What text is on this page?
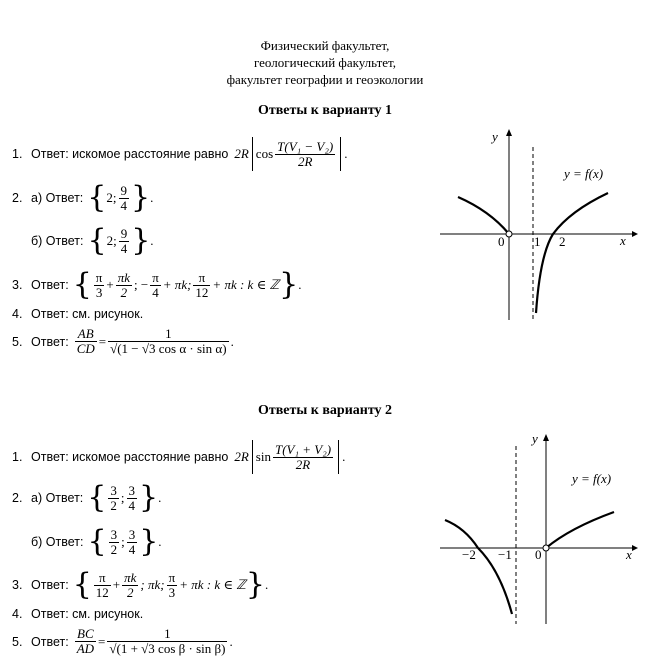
Физический факультет,
геологический факультет,
факультет географии и геоэкологии
Ответы к варианту 1
1. Ответ: искомое расстояние равно 2R $\cos \frac{\text{T(V₁ − V₂)}}{2R}$ .
2. а) Ответ: { 2; $\frac{9}{4}$ } .
б) Ответ: { 2; $\frac{9}{4}$ } .
3. Ответ: { $\frac{\pi}{3} + \frac{\pi k}{2}$ ; − $\frac{\pi}{4} + \pi k$; $\frac{\pi}{12} + \pi k$ : k ∈ ℤ } .
4. Ответ: см. рисунок.
5. Ответ: $\frac{AB}{CD} = \frac{1}{\text{√(1 − √3 cos α · sin α)}}$ .
y
x
y = f(x)
0 1 2
Ответы к варианту 2
1. Ответ: искомое расстояние равно 2R $\sin \frac{\text{T(V₁ + V₂)}}{2R}$ .
2. а) Ответ: { $\frac{3}{2}$ ; $\frac{3}{4}$ } .
б) Ответ: { $\frac{3}{2}$ ; $\frac{3}{4}$ } .
3. Ответ: { $\frac{\pi}{12} + \frac{\pi k}{2}$ ; πk; $\frac{\pi}{3} + \pi k$ : k ∈ ℤ } .
4. Ответ: см. рисунок.
5. Ответ: $\frac{BC}{AD} = \frac{1}{\text{√(1 + √3 cos β · sin β)}}$ .
y
x
y = f(x)
−2 −1 0
